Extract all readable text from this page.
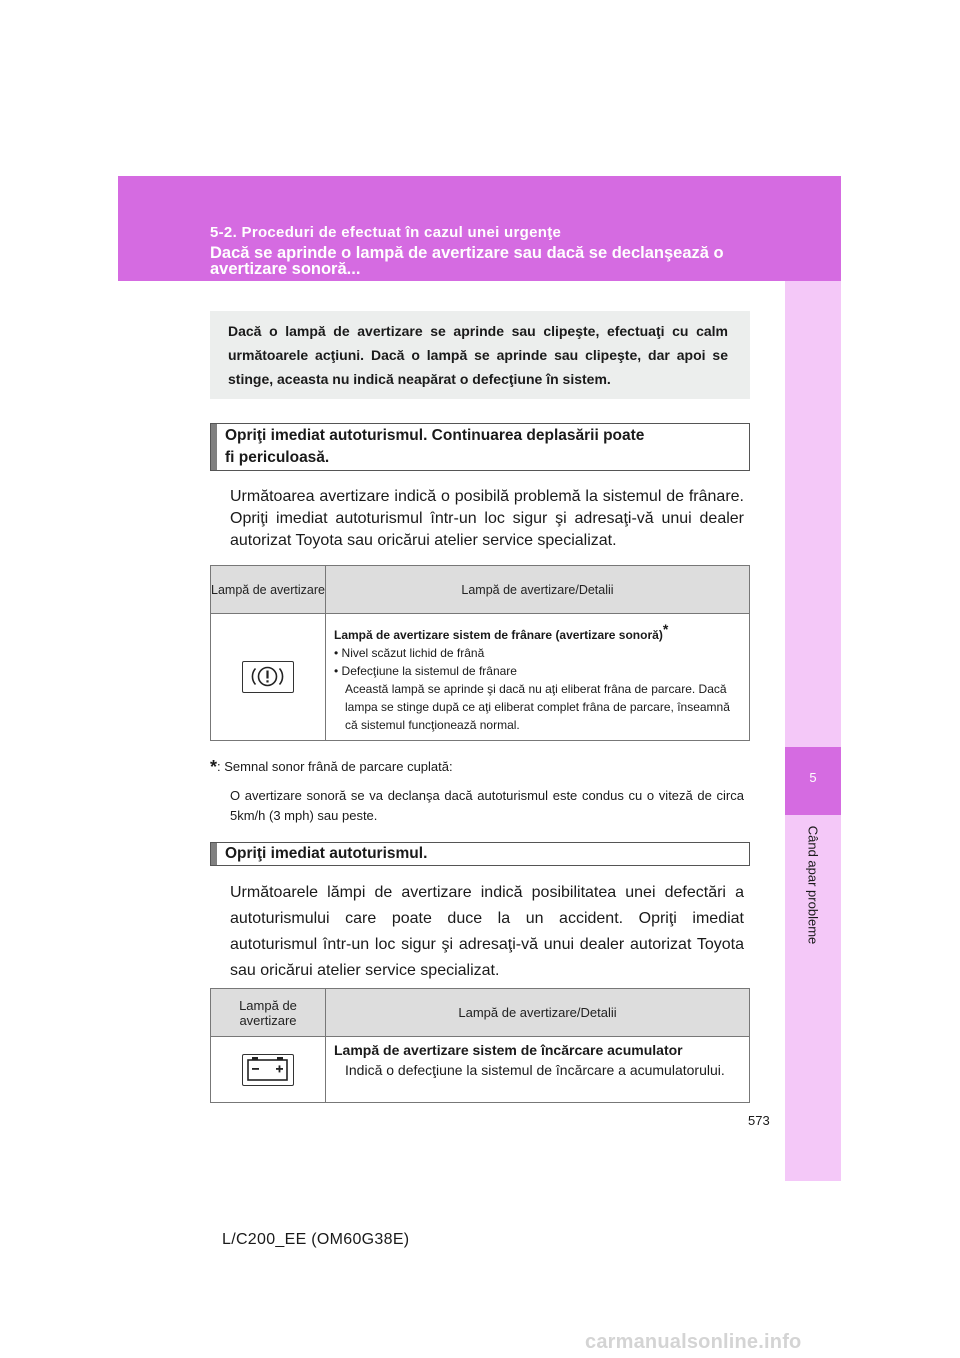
5-2. Proceduri de efectuat în cazul unei urgenţe
Dacă se aprinde o lampă de avertizare sau dacă se declanşează o avertizare sonoră...
5
Când apar probleme
Dacă o lampă de avertizare se aprinde sau clipeşte, efectuaţi cu calm următoarele acţiuni. Dacă o lampă se aprinde sau clipeşte, dar apoi se stinge, aceasta nu indică neapărat o defecţiune în sistem.
Opriţi imediat autoturismul. Continuarea deplasării poate
fi periculoasă.
Următoarea avertizare indică o posibilă problemă la sistemul de frânare. Opriţi imediat autoturismul într-un loc sigur şi adresaţi-vă unui dealer autorizat Toyota sau oricărui atelier service specializat.
Lampă de avertizare	Lampă de avertizare/Detalii

Lampă de avertizare sistem de frânare (avertizare sonoră)*
• Nivel scăzut lichid de frână
• Defecţiune la sistemul de frânare
Această lampă se aprinde şi dacă nu aţi eliberat frâna de parcare. Dacă lampa se stinge după ce aţi eliberat complet frâna de parcare, înseamnă că sistemul funcţionează normal.
*: Semnal sonor frână de parcare cuplată:
O avertizare sonoră se va declanşa dacă autoturismul este condus cu o viteză de circa 5km/h (3 mph) sau peste.
Opriţi imediat autoturismul.
Următoarele lămpi de avertizare indică posibilitatea unei defectări a autoturismului care poate duce la un accident. Opriţi imediat autoturismul într-un loc sigur şi adresaţi-vă unui dealer autorizat Toyota sau oricărui atelier service specializat.
Lampă de avertizare	Lampă de avertizare/Detalii

Lampă de avertizare sistem de încărcare acumulator
Indică o defecţiune la sistemul de încărcare a acumulatorului.
573
L/C200_EE (OM60G38E)
carmanualsonline.info
